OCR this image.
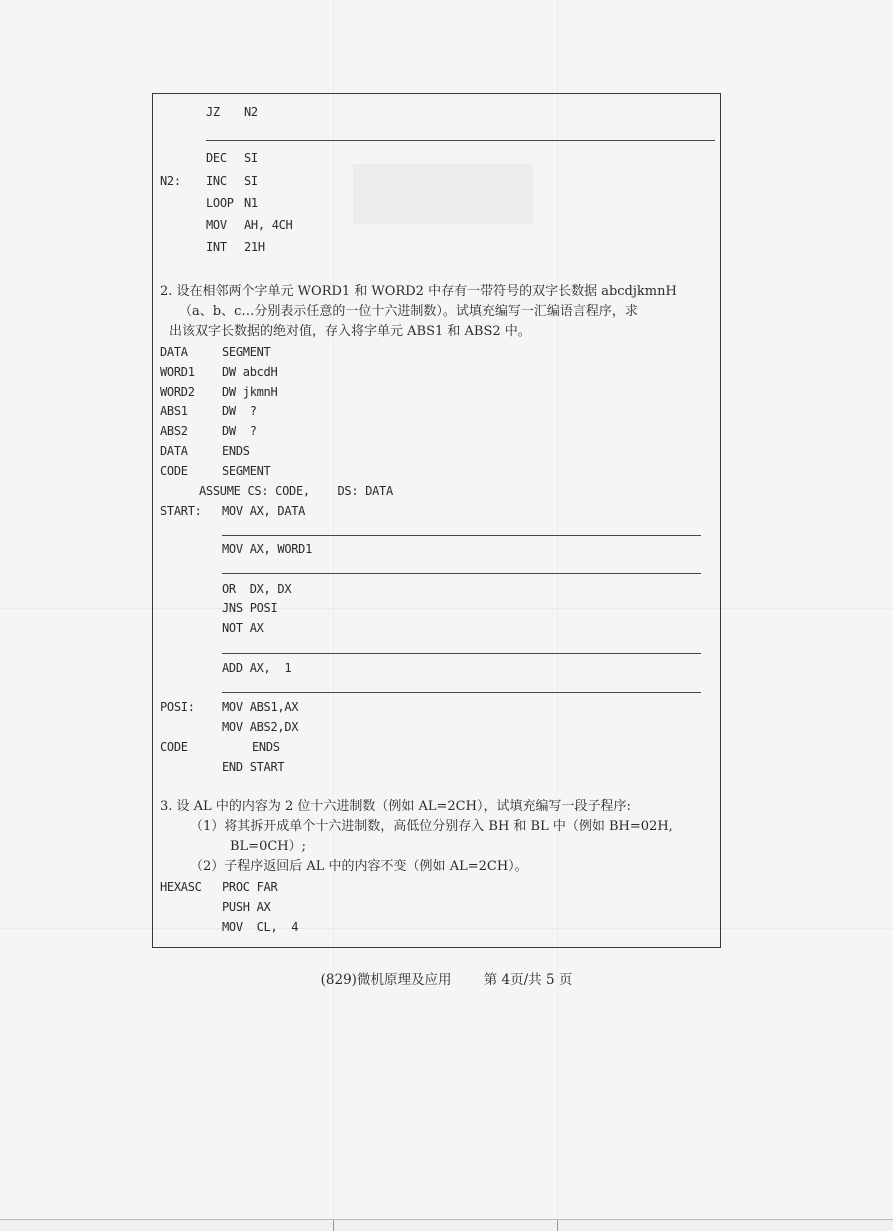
JZ N2
DEC SI
N2: INC SI
LOOP N1
MOV AH, 4CH
INT 21H
2. 设在相邻两个字单元 WORD1 和 WORD2 中存有一带符号的双字长数据 abcdjkmnH
（a、b、c…分别表示任意的一位十六进制数）。试填充编写一汇编语言程序，求
出该双字长数据的绝对值，存入将字单元 ABS1 和 ABS2 中。
DATA	SEGMENT
WORD1 DW abcdH
WORD2 DW jkmnH
ABS1	DW  ?
ABS2	DW  ?
DATA	ENDS
CODE	SEGMENT
ASSUME CS: CODE,    DS: DATA
START: MOV AX, DATA
MOV AX, WORD1
OR  DX, DX
JNS POSI
NOT AX
ADD AX,  1
POSI: MOV ABS1,AX
MOV ABS2,DX
CODE	ENDS
END START
3. 设 AL 中的内容为 2 位十六进制数（例如 AL=2CH），试填充编写一段子程序:
（1）将其拆开成单个十六进制数，高低位分别存入 BH 和 BL 中（例如 BH=02H,
BL=0CH）;
（2）子程序返回后 AL 中的内容不变（例如 AL=2CH）。
HEXASC PROC FAR
PUSH AX
MOV  CL,  4
(829)微机原理及应用 第 4页/共 5 页
